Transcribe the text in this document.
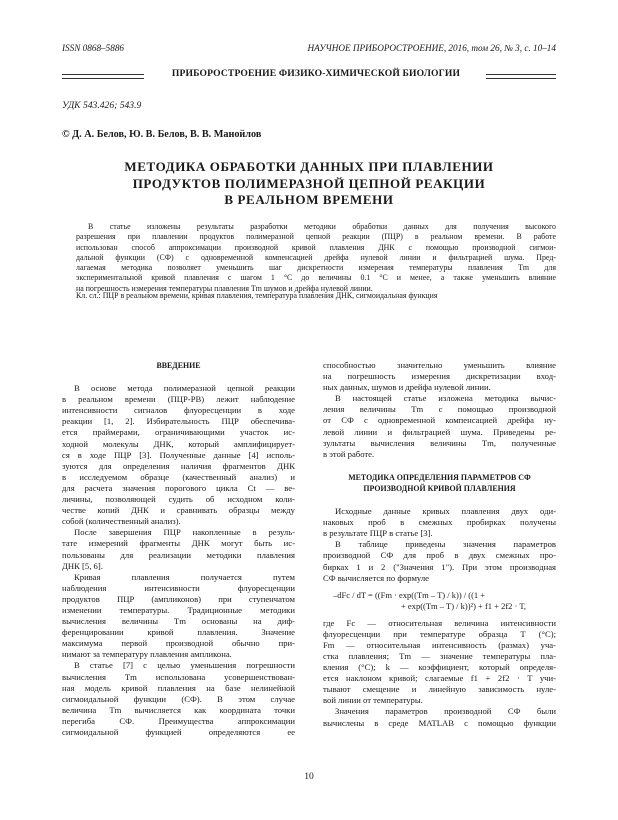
ISSN 0868–5886	НАУЧНОЕ ПРИБОРОСТРОЕНИЕ, 2016, том 26, № 3, с. 10–14
ПРИБОРОСТРОЕНИЕ ФИЗИКО-ХИМИЧЕСКОЙ БИОЛОГИИ
УДК 543.426; 543.9
© Д. А. Белов, Ю. В. Белов, В. В. Манойлов
МЕТОДИКА ОБРАБОТКИ ДАННЫХ ПРИ ПЛАВЛЕНИИ
ПРОДУКТОВ ПОЛИМЕРАЗНОЙ ЦЕПНОЙ РЕАКЦИИ
В РЕАЛЬНОМ ВРЕМЕНИ
В статье изложены результаты разработки методики обработки данных для получения высокого
разрешения при плавлении продуктов полимеразной цепной реакции (ПЦР) в реальном времени. В работе
использован способ аппроксимации производной кривой плавления ДНК с помощью производной сигмои-
дальной функции (СФ) с одновременной компенсацией дрейфа нулевой линии и фильтрацией шума. Пред-
лагаемая методика позволяет уменьшить шаг дискретности измерения температуры плавления Tm для
экспериментальной кривой плавления с шагом 1 °С до величины 0.1 °С и менее, а также уменьшить влияние
на погрешность измерения температуры плавления Tm шумов и дрейфа нулевой линии.
Кл. сл.: ПЦР в реальном времени, кривая плавления, температура плавления ДНК, сигмоидальная функция
ВВЕДЕНИЕ
В основе метода полимеразной цепной реакции
в реальном времени (ПЦР-РВ) лежит наблюдение
интенсивности сигналов флуоресценции в ходе
реакции [1, 2]. Избирательность ПЦР обеспечива-
ется праймерами, ограничивающими участок ис-
ходной молекулы ДНК, который амплифицирует-
ся в ходе ПЦР [3]. Полученные данные [4] исполь-
зуются для определения наличия фрагментов ДНК
в исследуемом образце (качественный анализ) и
для расчета значения порогового цикла Ct — ве-
личины, позволяющей судить об исходном коли-
честве копий ДНК и сравнивать образцы между
собой (количественный анализ).
После завершения ПЦР накопленные в резуль-
тате измерений фрагменты ДНК могут быть ис-
пользованы для реализации методики плавления
ДНК [5, 6].
Кривая плавления получается путем
наблюдения интенсивности флуоресценции
продуктов ПЦР (ампликонов) при ступенчатом
изменении температуры. Традиционные методики
вычисления величины Tm основаны на диф-
ференцировании кривой плавления. Значение
максимума первой производной обычно при-
нимают за температуру плавления ампликона.
В статье [7] с целью уменьшения погрешности
вычисления Tm использована усовершенствован-
ная модель кривой плавления на базе нелинейной
сигмоидальной функции (СФ). В этом случае
величина Tm вычисляется как координата точки
перегиба СФ. Преимущества аппроксимации
сигмоидальной функцией определяются ее
способностью значительно уменьшить влияние
на погрешность измерения дискретизации вход-
ных данных, шумов и дрейфа нулевой линии.
В настоящей статье изложена методика вычис-
ления величины Tm с помощью производной
от СФ с одновременной компенсацией дрейфа ну-
левой линии и фильтрацией шума. Приведены ре-
зультаты вычисления величины Tm, полученные
в этой работе.
МЕТОДИКА ОПРЕДЕЛЕНИЯ ПАРАМЕТРОВ СФ
ПРОИЗВОДНОЙ КРИВОЙ ПЛАВЛЕНИЯ
Исходные данные кривых плавления двух оди-
наковых проб в смежных пробирках получены
в результате ПЦР в статье [3].
В таблице приведены значения параметров
производной СФ для проб в двух смежных про-
бирках 1 и 2 ("Значения 1"). При этом производная
СФ вычисляется по формуле
–dFc / dT = ((Fm · exp((Tm – T) / k)) / ((1 +
+ exp((Tm – T) / k))²) + f1 + 2f2 · T,
где Fc — относительная величина интенсивности
флуоресценции при температуре образца T (°С);
Fm — относительная интенсивность (размах) уча-
стка плавления; Tm — значение температуры пла-
вления (°С); k — коэффициент, который определя-
ется наклоном кривой; слагаемые f1 + 2f2 · T учи-
тывают смещение и линейную зависимость нуле-
вой линии от температуры.
Значения параметров производной СФ были
вычислены в среде MATLAB с помощью функции
10
